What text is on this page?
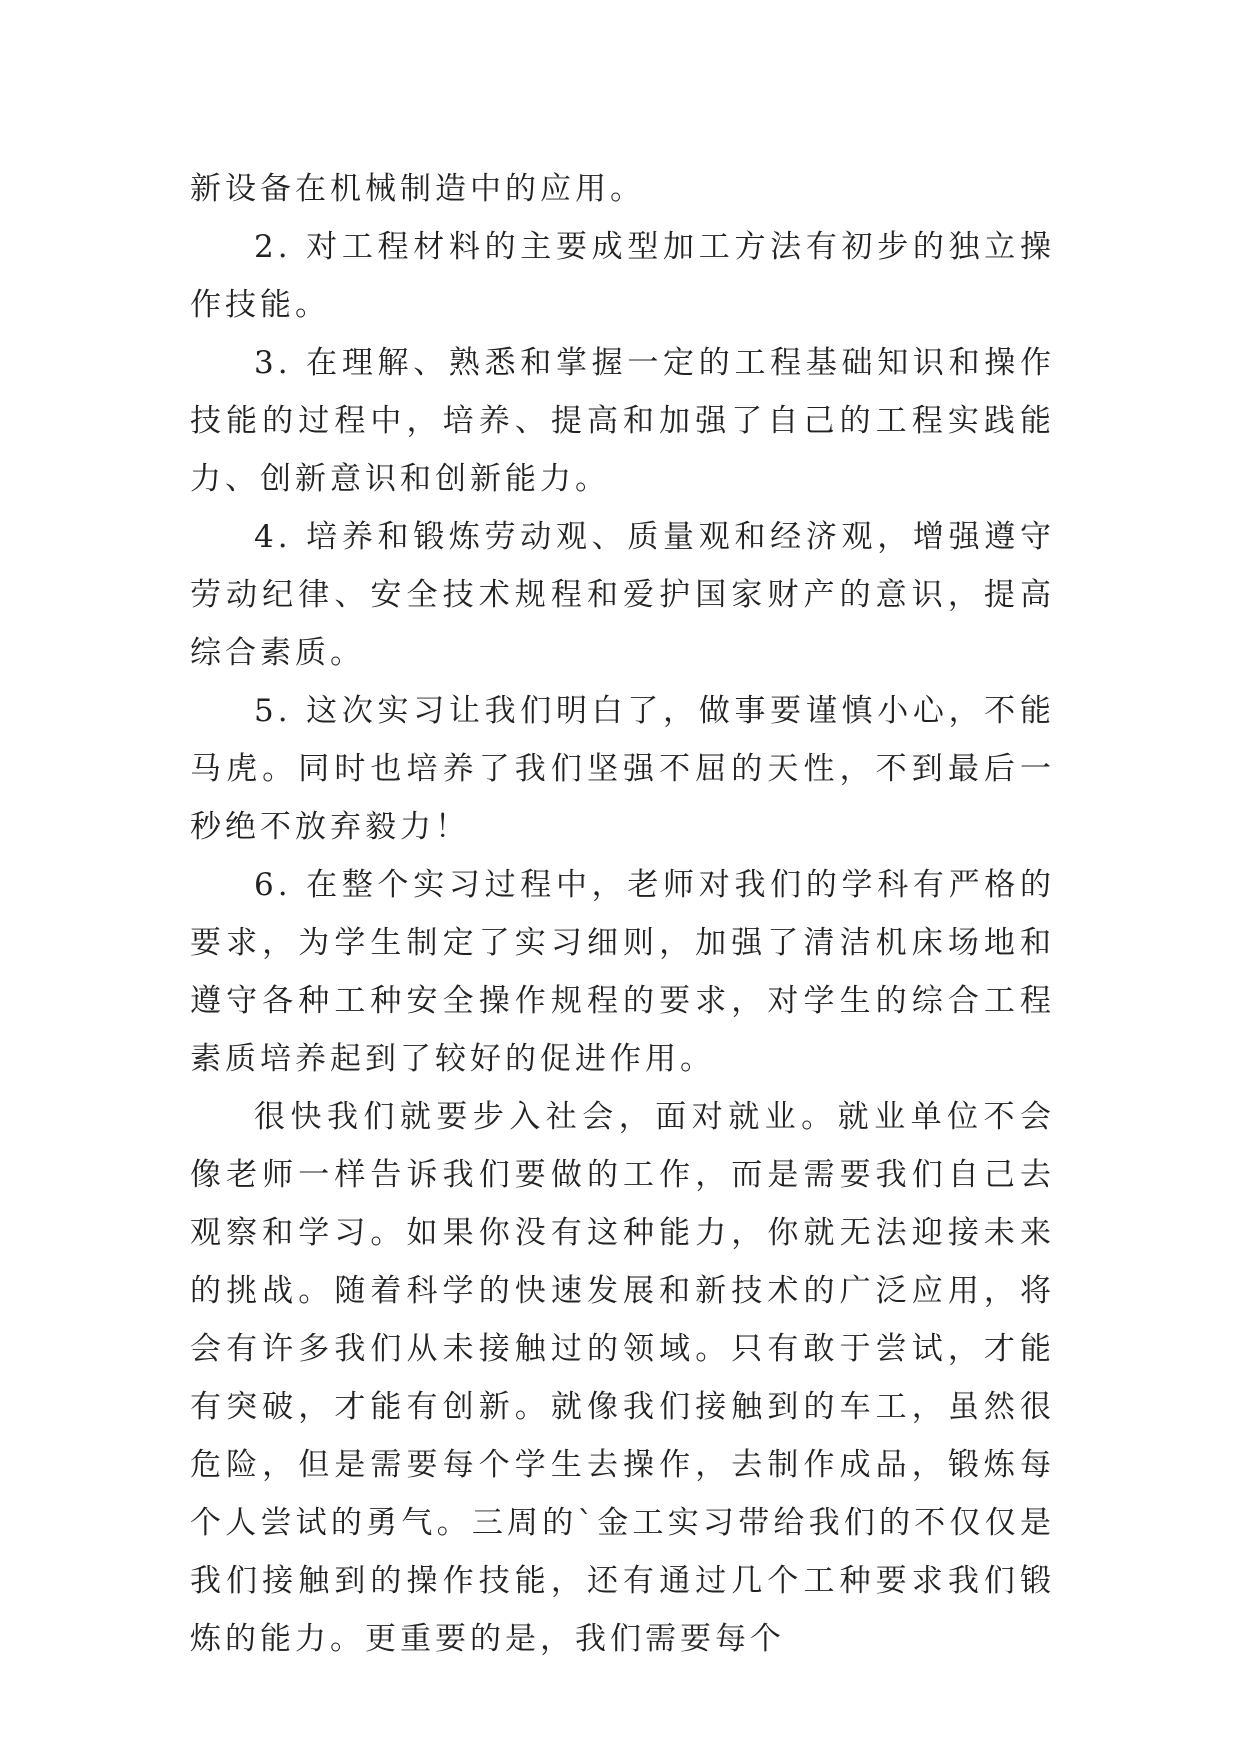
新设备在机械制造中的应用。

2. 对工程材料的主要成型加工方法有初步的独立操作技能。

3. 在理解、熟悉和掌握一定的工程基础知识和操作技能的过程中，培养、提高和加强了自己的工程实践能力、创新意识和创新能力。

4. 培养和锻炼劳动观、质量观和经济观，增强遵守劳动纪律、安全技术规程和爱护国家财产的意识，提高综合素质。

5. 这次实习让我们明白了，做事要谨慎小心，不能马虎。同时也培养了我们坚强不屈的天性，不到最后一秒绝不放弃毅力！

6. 在整个实习过程中，老师对我们的学科有严格的要求，为学生制定了实习细则，加强了清洁机床场地和遵守各种工种安全操作规程的要求，对学生的综合工程素质培养起到了较好的促进作用。

很快我们就要步入社会，面对就业。就业单位不会像老师一样告诉我们要做的工作，而是需要我们自己去观察和学习。如果你没有这种能力，你就无法迎接未来的挑战。随着科学的快速发展和新技术的广泛应用，将会有许多我们从未接触过的领域。只有敢于尝试，才能有突破，才能有创新。就像我们接触到的车工，虽然很危险，但是需要每个学生去操作，去制作成品，锻炼每个人尝试的勇气。三周的`金工实习带给我们的不仅仅是我们接触到的操作技能，还有通过几个工种要求我们锻炼的能力。更重要的是，我们需要每个
